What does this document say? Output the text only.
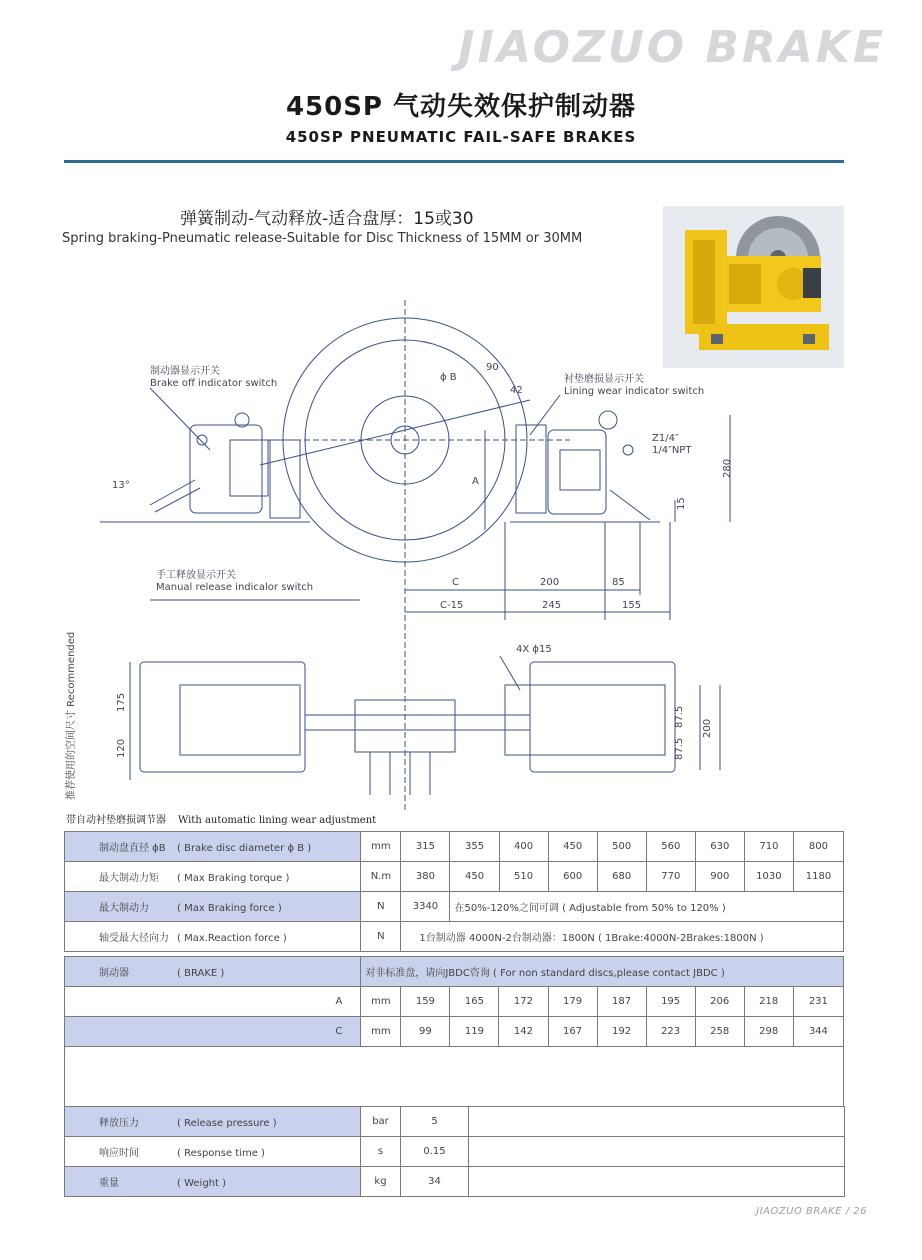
JIAOZUO BRAKE
450SP 气动失效保护制动器
450SP PNEUMATIC FAIL-SAFE BRAKES
弹簧制动-气动释放-适合盘厚：15或30
Spring braking-Pneumatic release-Suitable for Disc Thickness of 15MM or 30MM
制动器显示开关
Brake off indicator switch	衬垫磨损显示开关
Lining wear indicator switch
手工释放显示开关
Manual release indicalor switch
Z1/4″
1/4″NPT
4X ϕ15
ϕ B
13°
90
42
A
280
15
C	200	85
C-15	245	155
175
120
87.5
87.5
200
推荐使用的空间尺寸 Recommended
带自动衬垫磨损调节器 With automatic lining wear adjustment
制动盘直径 ϕB ( Brake disc diameter ϕ B )	mm	315	355	400	450	500	560	630	710	800
最大制动力矩 ( Max Braking torque )	N.m	380	450	510	600	680	770	900	1030	1180
最大制动力 ( Max Braking force )	N	3340	在50%-120%之间可调 ( Adjustable from 50% to 120% )							
轴受最大径向力 ( Max.Reaction force )	N	1台制动器 4000N-2台制动器：1800N ( 1Brake:4000N-2Brakes:1800N )								
制动器 ( BRAKE )	对非标准盘，请向JBDC咨询 ( For non standard discs,please contact JBDC )									
A	mm	159	165	172	179	187	195	206	218	231
C	mm	99	119	142	167	192	223	258	298	344

释放压力 ( Release pressure )	bar	5	
响应时间 ( Response time )	s	0.15	
重量 ( Weight )	kg	34	
JIAOZUO BRAKE / 26
